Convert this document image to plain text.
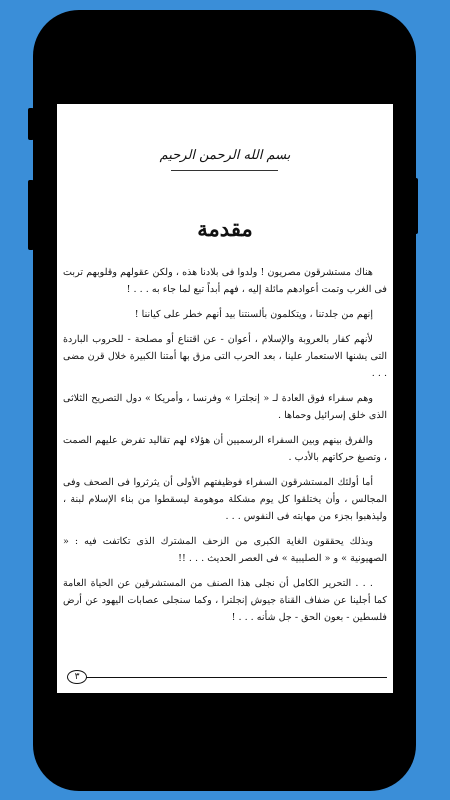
بسم الله الرحمن الرحيم
مقدمة

هناك مستشرقون مصريون ! ولدوا فى بلادنا هذه ، ولكن عقولهم وقلوبهم تربت فى الغرب وتمت أعوادهم مائلة إليه ، فهم أبداً تبع لما جاء به . . . !

إنهم من جلدتنا ، ويتكلمون بألسنتنا بيد أنهم خطر على كياننا !

لأنهم كفار بالعروبة والإسلام ، أعوان - عن اقتناع أو مصلحة - للحروب الباردة التى يشنها الاستعمار علينا ، بعد الحرب التى مزق بها أمتنا الكبيرة خلال قرن مضى . . .

وهم سفراء فوق العادة لـ « إنجلترا » وفرنسا ، وأمريكا » دول التصريح الثلاثى الذى خلق إسرائيل وحماها .

والفرق بينهم وبين السفراء الرسميين أن هؤلاء لهم تقاليد تفرض عليهم الصمت ، وتصبغ حركاتهم بالأدب .

أما أولئك المستشرقون السفراء فوظيفتهم الأولى أن يثرثروا فى الصحف وفى المجالس ، وأن يختلقوا كل يوم مشكلة موهومة ليسقطوا من بناء الإسلام لبنة ، وليذهبوا بجزء من مهابته فى النفوس . . .

وبذلك يحققون الغاية الكبرى من الزحف المشترك الذى تكاتفت فيه : « الصهيونية » و « الصليبية » فى العصر الحديث . . . !!

. . . التحرير الكامل أن نجلى هذا الصنف من المستشرقين عن الحياة العامة كما أجلينا عن ضفاف القناة جيوش إنجلترا ، وكما سنجلى عصابات اليهود عن أرض فلسطين - بعون الحق - جل شأنه . . . !

٣
